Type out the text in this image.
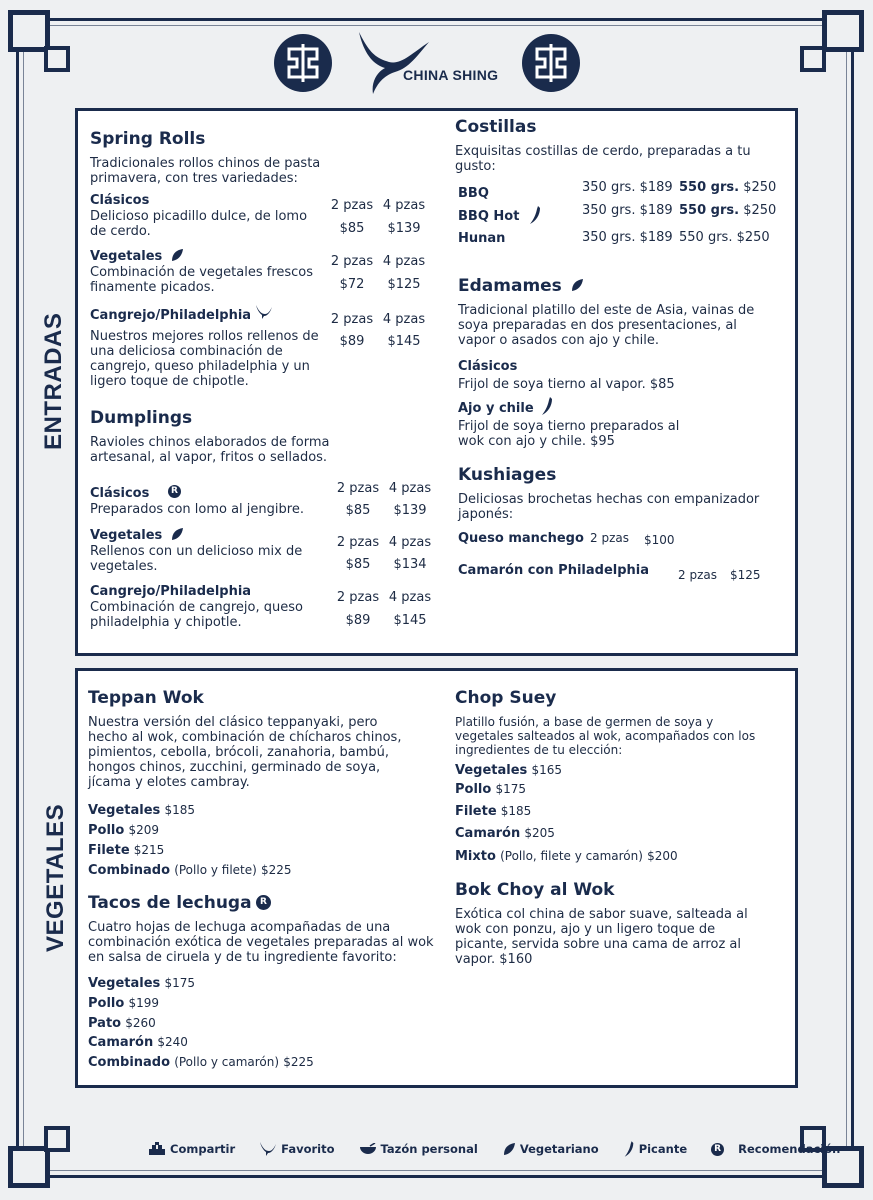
CHINA SHING
ENTRADAS
VEGETALES
Spring Rolls
Tradicionales rollos chinos de pasta primavera, con tres variedades:
Clásicos
Delicioso picadillo dulce, de lomo de cerdo.
2 pzas 4 pzas
$85	$139
Vegetales
Combinación de vegetales frescos finamente picados.
2 pzas 4 pzas
$72	$125
Cangrejo/Philadelphia
Nuestros mejores rollos rellenos de una deliciosa combinación de cangrejo, queso philadelphia y un ligero toque de chipotle.
2 pzas 4 pzas
$89	$145
Dumplings
Ravioles chinos elaborados de forma artesanal, al vapor, fritos o sellados.
Clásicos	R
Preparados con lomo al jengibre.
2 pzas 4 pzas
$85	$139
Vegetales
Rellenos con un delicioso mix de vegetales.
2 pzas 4 pzas
$85	$134
Cangrejo/Philadelphia
Combinación de cangrejo, queso philadelphia y chipotle.
2 pzas 4 pzas
$89	$145
Costillas
Exquisitas costillas de cerdo, preparadas a tu gusto:
BBQ	350 grs. $189 550 grs. $250
BBQ Hot	350 grs. $189 550 grs. $250
Hunan	350 grs. $189 550 grs. $250
Edamames
Tradicional platillo del este de Asia, vainas de soya preparadas en dos presentaciones, al vapor o asados con ajo y chile.
Clásicos
Frijol de soya tierno al vapor. $85
Ajo y chile
Frijol de soya tierno preparados al wok con ajo y chile. $95
Kushiages
Deliciosas brochetas hechas con empanizador japonés:
Queso manchego 2 pzas $100
Camarón con Philadelphia 2 pzas $125
Teppan Wok
Nuestra versión del clásico teppanyaki, pero hecho al wok, combinación de chícharos chinos, pimientos, cebolla, brócoli, zanahoria, bambú, hongos chinos, zucchini, germinado de soya, jícama y elotes cambray.
Vegetales $185
Pollo $209
Filete $215
Combinado (Pollo y filete) $225
Tacos de lechuga R
Cuatro hojas de lechuga acompañadas de una combinación exótica de vegetales preparadas al wok en salsa de ciruela y de tu ingrediente favorito:
Vegetales $175
Pollo $199
Pato $260
Camarón $240
Combinado (Pollo y camarón) $225
Chop Suey
Platillo fusión, a base de germen de soya y vegetales salteados al wok, acompañados con los ingredientes de tu elección:
Vegetales $165
Pollo $175
Filete $185
Camarón $205
Mixto (Pollo, filete y camarón) $200
Bok Choy al Wok
Exótica col china de sabor suave, salteada al wok con ponzu, ajo y un ligero toque de picante, servida sobre una cama de arroz al vapor. $160
Compartir	Favorito	Tazón personal	Vegetariano	Picante	R Recomendación
